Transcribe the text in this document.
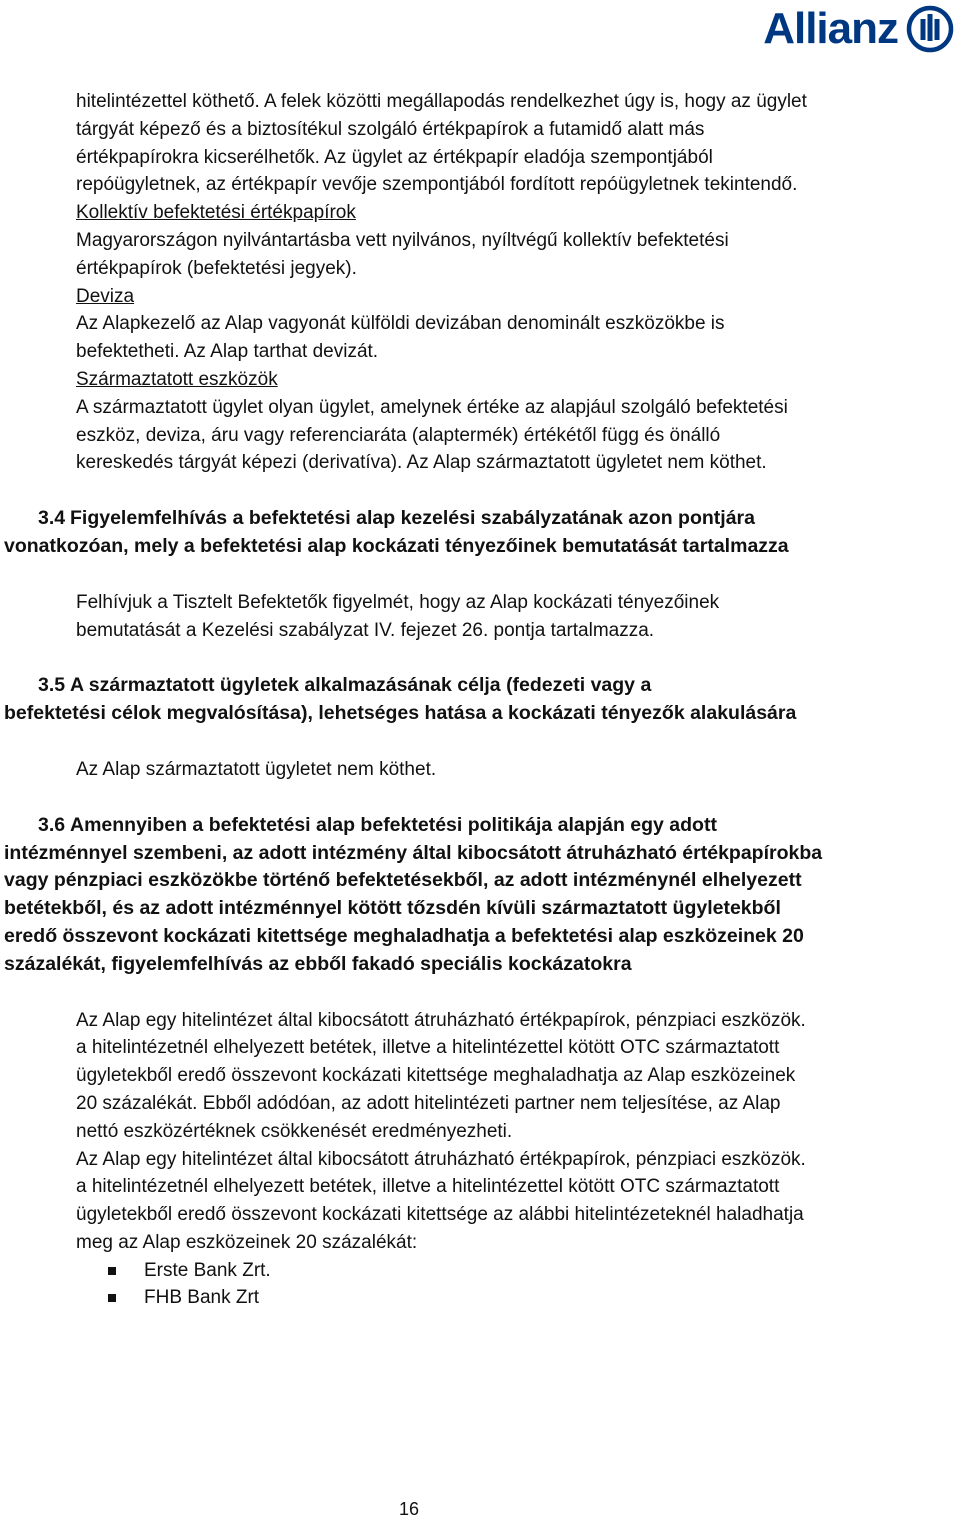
Allianz

hitelintézettel köthető. A felek közötti megállapodás rendelkezhet úgy is, hogy az ügylet tárgyát képező és a biztosítékul szolgáló értékpapírok a futamidő alatt más értékpapírokra kicserélhetők. Az ügylet az értékpapír eladója szempontjából repóügyletnek, az értékpapír vevője szempontjából fordított repóügyletnek tekintendő.

Kollektív befektetési értékpapírok

Magyarországon nyilvántartásba vett nyilvános, nyíltvégű kollektív befektetési értékpapírok (befektetési jegyek).

Deviza

Az Alapkezelő az Alap vagyonát külföldi devizában denominált eszközökbe is befektetheti. Az Alap tarthat devizát.

Származtatott eszközök

A származtatott ügylet olyan ügylet, amelynek értéke az alapjául szolgáló befektetési eszköz, deviza, áru vagy referenciaráta (alaptermék) értékétől függ és önálló kereskedés tárgyát képezi (derivatíva). Az Alap származtatott ügyletet nem köthet.

3.4 Figyelemfelhívás a befektetési alap kezelési szabályzatának azon pontjára
vonatkozóan, mely a befektetési alap kockázati tényezőinek bemutatását tartalmazza

Felhívjuk a Tisztelt Befektetők figyelmét, hogy az Alap kockázati tényezőinek bemutatását a Kezelési szabályzat IV. fejezet 26. pontja tartalmazza.

3.5 A származtatott ügyletek alkalmazásának célja (fedezeti vagy a
befektetési célok megvalósítása), lehetséges hatása a kockázati tényezők alakulására

Az Alap származtatott ügyletet nem köthet.

3.6 Amennyiben a befektetési alap befektetési politikája alapján egy adott
intézménnyel szembeni, az adott intézmény által kibocsátott átruházható értékpapírokba vagy pénzpiaci eszközökbe történő befektetésekből, az adott intézménynél elhelyezett betétekből, és az adott intézménnyel kötött tőzsdén kívüli származtatott ügyletekből eredő összevont kockázati kitettsége meghaladhatja a befektetési alap eszközeinek 20 százalékát, figyelemfelhívás az ebből fakadó speciális kockázatokra

Az Alap egy hitelintézet által kibocsátott átruházható értékpapírok, pénzpiaci eszközök. a hitelintézetnél elhelyezett betétek, illetve a hitelintézettel kötött OTC származtatott ügyletekből eredő összevont kockázati kitettsége meghaladhatja az Alap eszközeinek 20 százalékát. Ebből adódóan, az adott hitelintézeti partner nem teljesítése, az Alap nettó eszközértéknek csökkenését eredményezheti.

Az Alap egy hitelintézet által kibocsátott átruházható értékpapírok, pénzpiaci eszközök. a hitelintézetnél elhelyezett betétek, illetve a hitelintézettel kötött OTC származtatott ügyletekből eredő összevont kockázati kitettsége az alábbi hitelintézeteknél haladhatja meg az Alap eszközeinek 20 százalékát:

Erste Bank Zrt.
FHB Bank Zrt
16
